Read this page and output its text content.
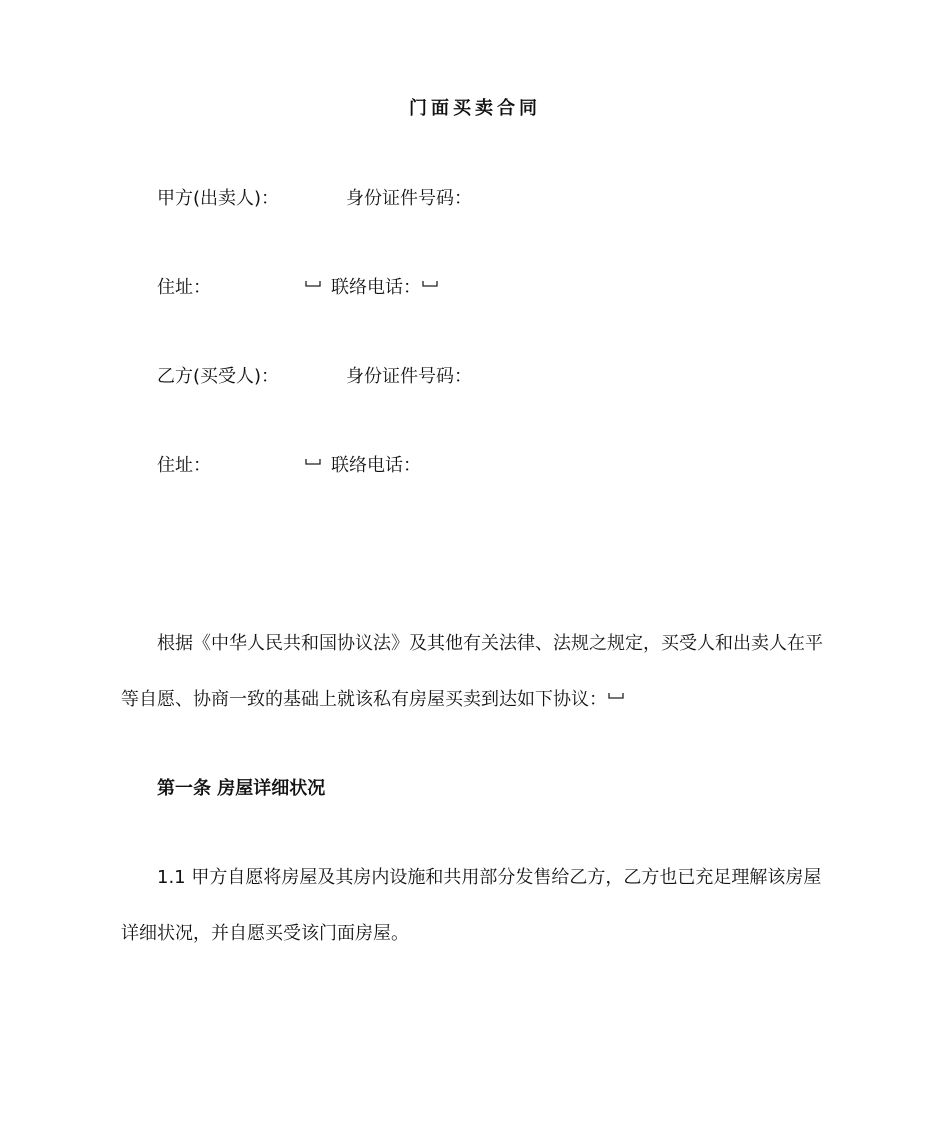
门面买卖合同
甲方(出卖人)：	身份证件号码：
住址：	联络电话：
乙方(买受人)：	身份证件号码：
住址：	联络电话：
根据《中华人民共和国协议法》及其他有关法律、法规之规定，买受人和出卖人在平
等自愿、协商一致的基础上就该私有房屋买卖到达如下协议：
第一条 房屋详细状况
1.1 甲方自愿将房屋及其房内设施和共用部分发售给乙方，乙方也已充足理解该房屋
详细状况，并自愿买受该门面房屋。
